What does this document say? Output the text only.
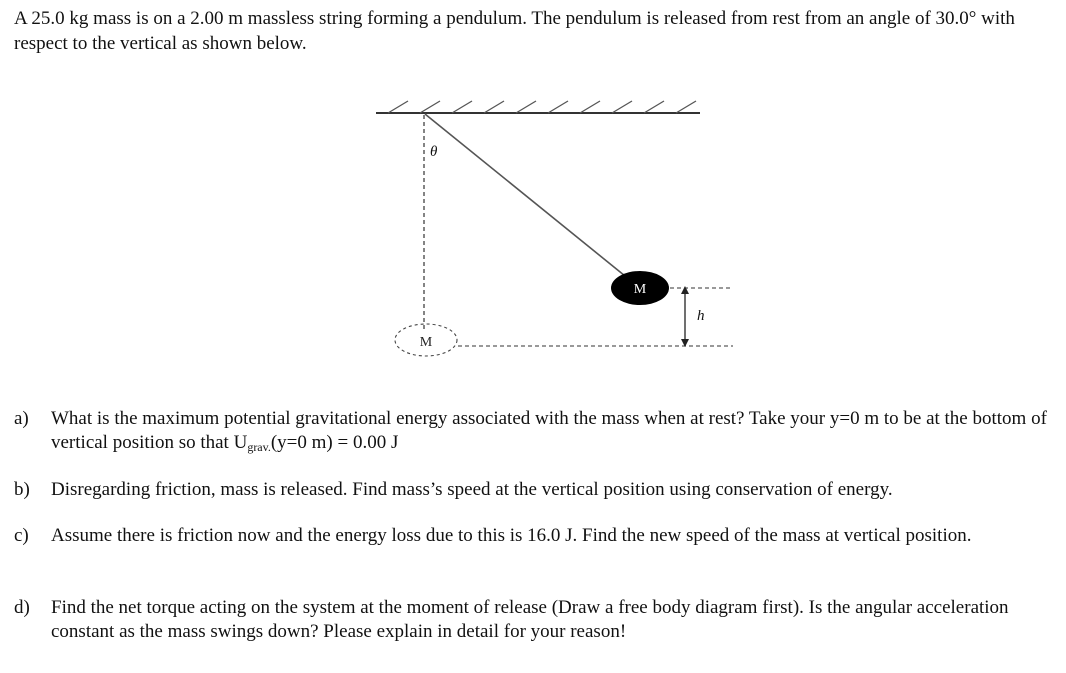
A 25.0 kg mass is on a 2.00 m massless string forming a pendulum. The pendulum is released from rest from an angle of 30.0° with respect to the vertical as shown below.

θ
M
M
h
a)	What is the maximum potential gravitational energy associated with the mass when at rest? Take your y=0 m to be at the bottom of vertical position so that $U_{grav.}(y=0$ m) = 0.00 J
b)	Disregarding friction, mass is released. Find mass’s speed at the vertical position using conservation of energy.
c)	Assume there is friction now and the energy loss due to this is 16.0 J. Find the new speed of the mass at vertical position.
d)	Find the net torque acting on the system at the moment of release (Draw a free body diagram first). Is the angular acceleration constant as the mass swings down? Please explain in detail for your reason!
